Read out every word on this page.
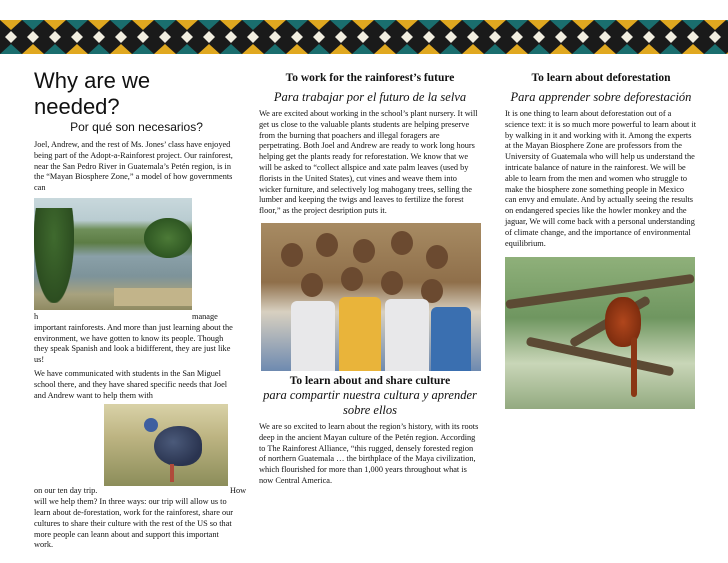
Why are we needed?
Por qué son necesarios?

Joel, Andrew, and the rest of Ms. Jones’ class have enjoyed being part of the Adopt-a-Rainforest project. Our rainforest, near the San Pedro River in Guatemala’s Petén region, is in the “Mayan Biosphere Zone,” a model of how governments can

h	manage

important rainforests. And more than just learning about the environment, we have gotten to know its people. Though they speak Spanish and look a bidifferent, they are just like us!

We have communicated with students in the San Miguel school there, and they have shared specific needs that Joel and Andrew want to help them with

on our ten day trip.	How

will we help them? In three ways: our trip will allow us to learn about de-forestation, work for the rainforest, share our cultures to share their culture with the rest of the US so that more people can leann about and support this important work.

To work for the rainforest’s future
Para trabajar por el futuro de la selva

We are excited about working in the school’s plant nursery. It will get us close to the valuable plants students are helping preserve from the burning that poachers and illegal foragers are perpetrating. Both Joel and Andrew are ready to work long hours helping get the plants ready for reforestation. We know that we will be asked to “collect allspice and xate palm leaves (used by florists in the United States), cut vines and weave them into wicker furniture, and selectively log mahogany trees, selling the lumber and keeping the twigs and leaves to fertilize the forest floor,” as the project desription puts it.

To learn about and share culture
para compartir nuestra cultura y aprender sobre ellos

We are so excited to learn about the region’s history, with its roots deep in the ancient Mayan culture of the Petén region. According to The Rainforest Alliance, “this rugged, densely forested region of northern Guatemala … the birthplace of the Maya civilization, which flourished for more than 1,000 years throughout what is now Central America.

To learn about deforestation
Para apprender sobre deforestación

It is one thing to learn about deforestation out of a science text: it is so much more powerful to learn about it by walking in it and working with it. Among the experts at the Mayan Biosphere Zone are professors from the University of Guatemala who will help us understand the intricate balance of nature in the rainforest. We will be able to learn from the men and women who struggle to make the biosphere zone something people in Mexico can envy and emulate. And by actually seeing the results on endangered species like the howler monkey and the jaguar, We will come back with a personal understanding of climate change, and the importance of environmental equilibrium.
